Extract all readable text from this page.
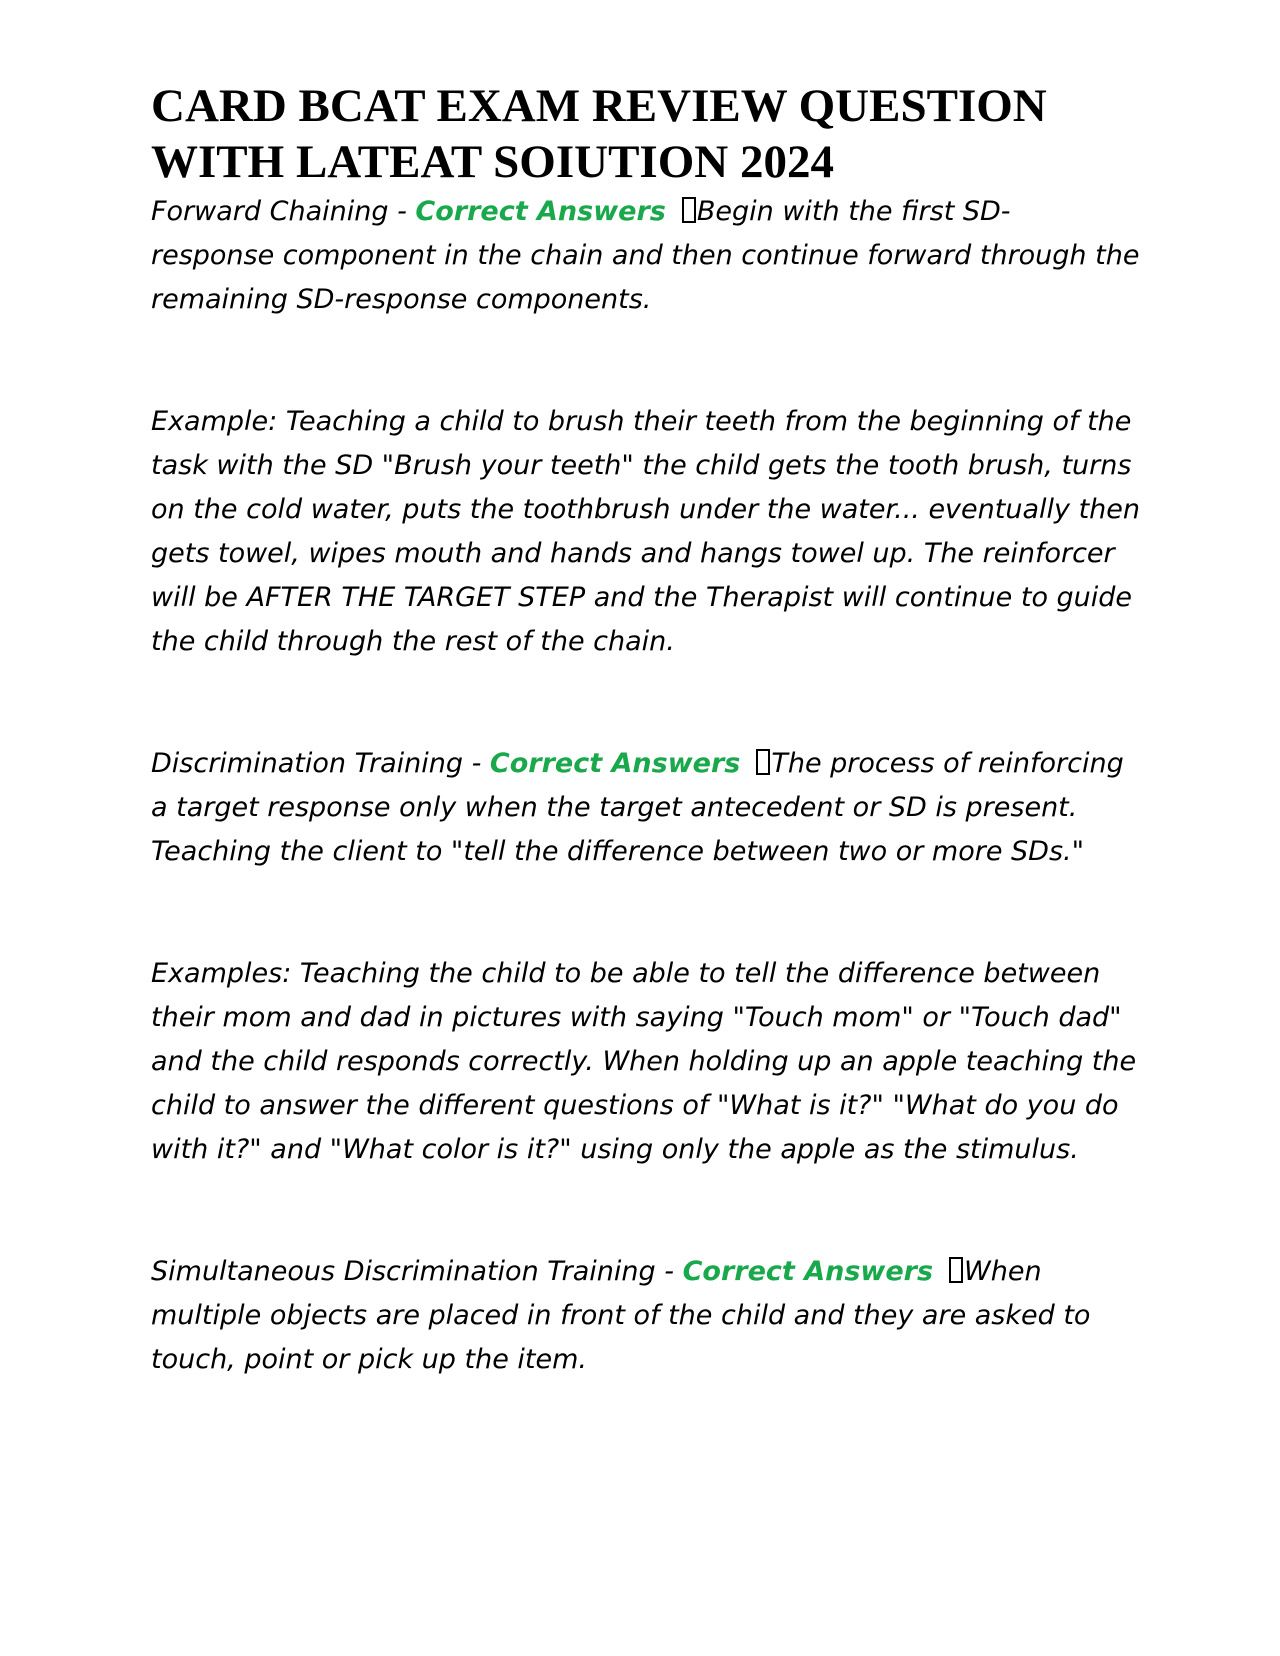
CARD BCAT EXAM REVIEW QUESTION WITH LATEAT SOIUTION 2024

Forward Chaining - Correct Answers Begin with the first SD- response component in the chain and then continue forward through the remaining SD-response components.

Example: Teaching a child to brush their teeth from the beginning of the task with the SD "Brush your teeth" the child gets the tooth brush, turns on the cold water, puts the toothbrush under the water... eventually then gets towel, wipes mouth and hands and hangs towel up. The reinforcer will be AFTER THE TARGET STEP and the Therapist will continue to guide the child through the rest of the chain.

Discrimination Training - Correct Answers The process of reinforcing a target response only when the target antecedent or SD is present. Teaching the client to "tell the difference between two or more SDs."

Examples: Teaching the child to be able to tell the difference between their mom and dad in pictures with saying "Touch mom" or "Touch dad" and the child responds correctly. When holding up an apple teaching the child to answer the different questions of "What is it?" "What do you do with it?" and "What color is it?" using only the apple as the stimulus.

Simultaneous Discrimination Training - Correct Answers When multiple objects are placed in front of the child and they are asked to touch, point or pick up the item.
